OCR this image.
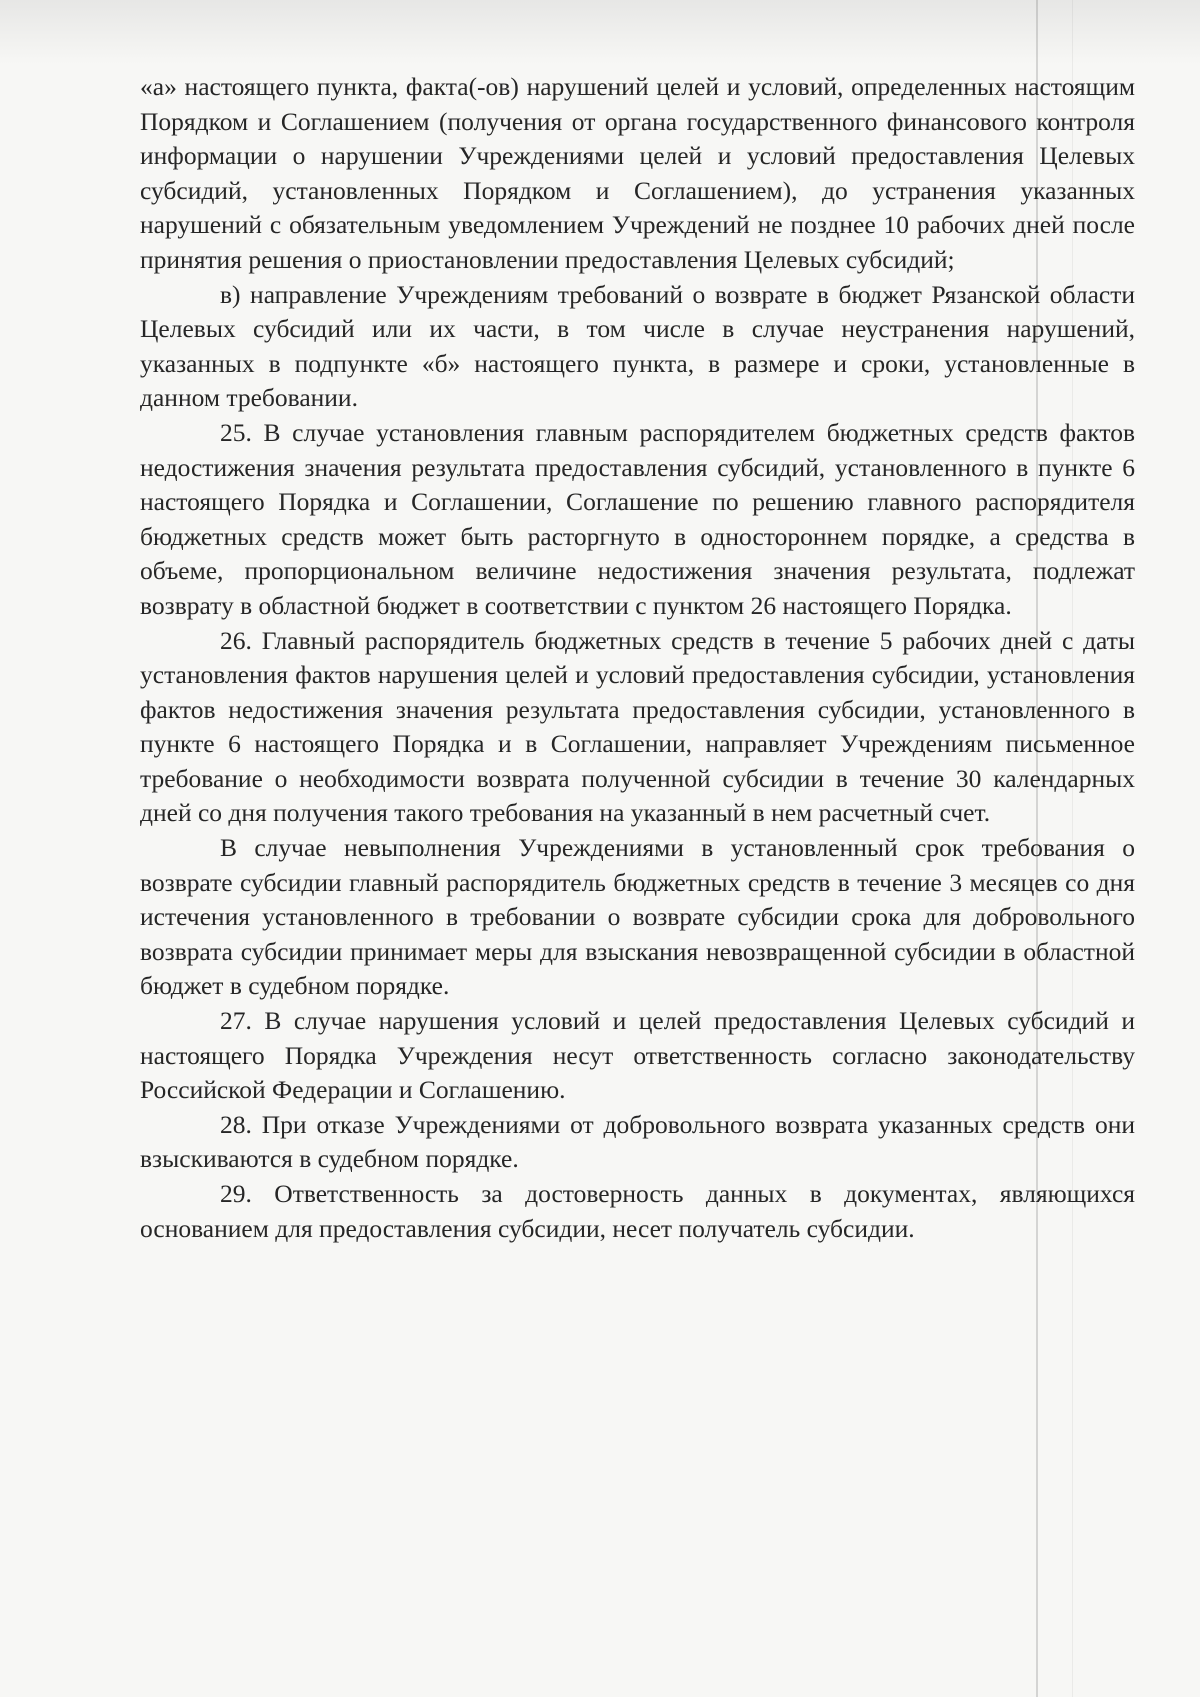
«а» настоящего пункта, факта(-ов) нарушений целей и условий, определенных настоящим Порядком и Соглашением (получения от органа государственного финансового контроля информации о нарушении Учреждениями целей и условий предоставления Целевых субсидий, установленных Порядком и Соглашением), до устранения указанных нарушений с обязательным уведомлением Учреждений не позднее 10 рабочих дней после принятия решения о приостановлении предоставления Целевых субсидий;

в) направление Учреждениям требований о возврате в бюджет Рязанской области Целевых субсидий или их части, в том числе в случае неустранения нарушений, указанных в подпункте «б» настоящего пункта, в размере и сроки, установленные в данном требовании.

25. В случае установления главным распорядителем бюджетных средств фактов недостижения значения результата предоставления субсидий, установленного в пункте 6 настоящего Порядка и Соглашении, Соглашение по решению главного распорядителя бюджетных средств может быть расторгнуто в одностороннем порядке, а средства в объеме, пропорциональном величине недостижения значения результата, подлежат возврату в областной бюджет в соответствии с пунктом 26 настоящего Порядка.

26. Главный распорядитель бюджетных средств в течение 5 рабочих дней с даты установления фактов нарушения целей и условий предоставления субсидии, установления фактов недостижения значения результата предоставления субсидии, установленного в пункте 6 настоящего Порядка и в Соглашении, направляет Учреждениям письменное требование о необходимости возврата полученной субсидии в течение 30 календарных дней со дня получения такого требования на указанный в нем расчетный счет.

В случае невыполнения Учреждениями в установленный срок требования о возврате субсидии главный распорядитель бюджетных средств в течение 3 месяцев со дня истечения установленного в требовании о возврате субсидии срока для добровольного возврата субсидии принимает меры для взыскания невозвращенной субсидии в областной бюджет в судебном порядке.

27. В случае нарушения условий и целей предоставления Целевых субсидий и настоящего Порядка Учреждения несут ответственность согласно законодательству Российской Федерации и Соглашению.

28. При отказе Учреждениями от добровольного возврата указанных средств они взыскиваются в судебном порядке.

29. Ответственность за достоверность данных в документах, являющихся основанием для предоставления субсидии, несет получатель субсидии.
